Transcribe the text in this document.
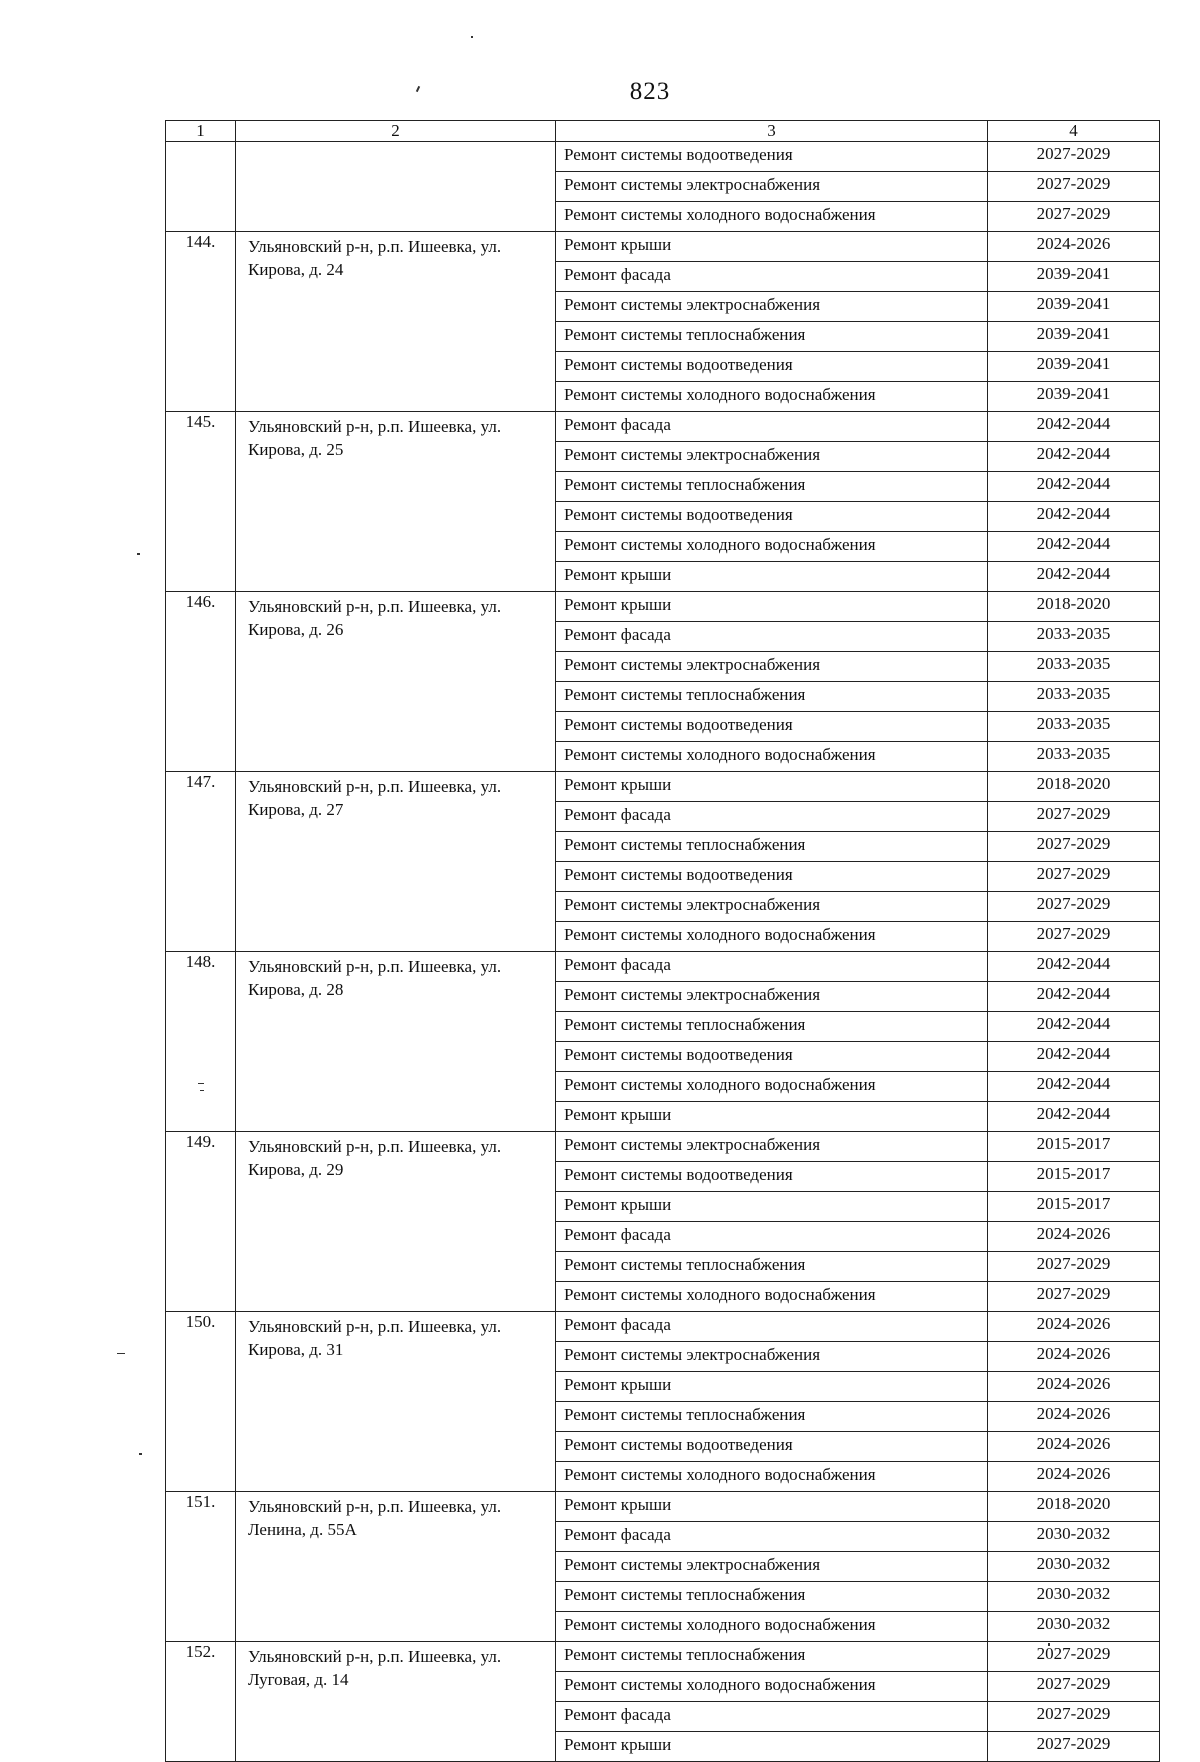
823
1	2	3	4
		Ремонт системы водоотведения	2027-2029
		Ремонт системы электроснабжения	2027-2029
		Ремонт системы холодного водоснабжения	2027-2029
144.	Ульяновский р-н, р.п. Ишеевка, ул. Кирова, д. 24	Ремонт крыши	2024-2026
		Ремонт фасада	2039-2041
		Ремонт системы электроснабжения	2039-2041
		Ремонт системы теплоснабжения	2039-2041
		Ремонт системы водоотведения	2039-2041
		Ремонт системы холодного водоснабжения	2039-2041
145.	Ульяновский р-н, р.п. Ишеевка, ул. Кирова, д. 25	Ремонт фасада	2042-2044
		Ремонт системы электроснабжения	2042-2044
		Ремонт системы теплоснабжения	2042-2044
		Ремонт системы водоотведения	2042-2044
		Ремонт системы холодного водоснабжения	2042-2044
		Ремонт крыши	2042-2044
146.	Ульяновский р-н, р.п. Ишеевка, ул. Кирова, д. 26	Ремонт крыши	2018-2020
		Ремонт фасада	2033-2035
		Ремонт системы электроснабжения	2033-2035
		Ремонт системы теплоснабжения	2033-2035
		Ремонт системы водоотведения	2033-2035
		Ремонт системы холодного водоснабжения	2033-2035
147.	Ульяновский р-н, р.п. Ишеевка, ул. Кирова, д. 27	Ремонт крыши	2018-2020
		Ремонт фасада	2027-2029
		Ремонт системы теплоснабжения	2027-2029
		Ремонт системы водоотведения	2027-2029
		Ремонт системы электроснабжения	2027-2029
		Ремонт системы холодного водоснабжения	2027-2029
148.	Ульяновский р-н, р.п. Ишеевка, ул. Кирова, д. 28	Ремонт фасада	2042-2044
		Ремонт системы электроснабжения	2042-2044
		Ремонт системы теплоснабжения	2042-2044
		Ремонт системы водоотведения	2042-2044
		Ремонт системы холодного водоснабжения	2042-2044
		Ремонт крыши	2042-2044
149.	Ульяновский р-н, р.п. Ишеевка, ул. Кирова, д. 29	Ремонт системы электроснабжения	2015-2017
		Ремонт системы водоотведения	2015-2017
		Ремонт крыши	2015-2017
		Ремонт фасада	2024-2026
		Ремонт системы теплоснабжения	2027-2029
		Ремонт системы холодного водоснабжения	2027-2029
150.	Ульяновский р-н, р.п. Ишеевка, ул. Кирова, д. 31	Ремонт фасада	2024-2026
		Ремонт системы электроснабжения	2024-2026
		Ремонт крыши	2024-2026
		Ремонт системы теплоснабжения	2024-2026
		Ремонт системы водоотведения	2024-2026
		Ремонт системы холодного водоснабжения	2024-2026
151.	Ульяновский р-н, р.п. Ишеевка, ул. Ленина, д. 55А	Ремонт крыши	2018-2020
		Ремонт фасада	2030-2032
		Ремонт системы электроснабжения	2030-2032
		Ремонт системы теплоснабжения	2030-2032
		Ремонт системы холодного водоснабжения	2030-2032
152.	Ульяновский р-н, р.п. Ишеевка, ул. Луговая, д. 14	Ремонт системы теплоснабжения	2027-2029
		Ремонт системы холодного водоснабжения	2027-2029
		Ремонт фасада	2027-2029
		Ремонт крыши	2027-2029
